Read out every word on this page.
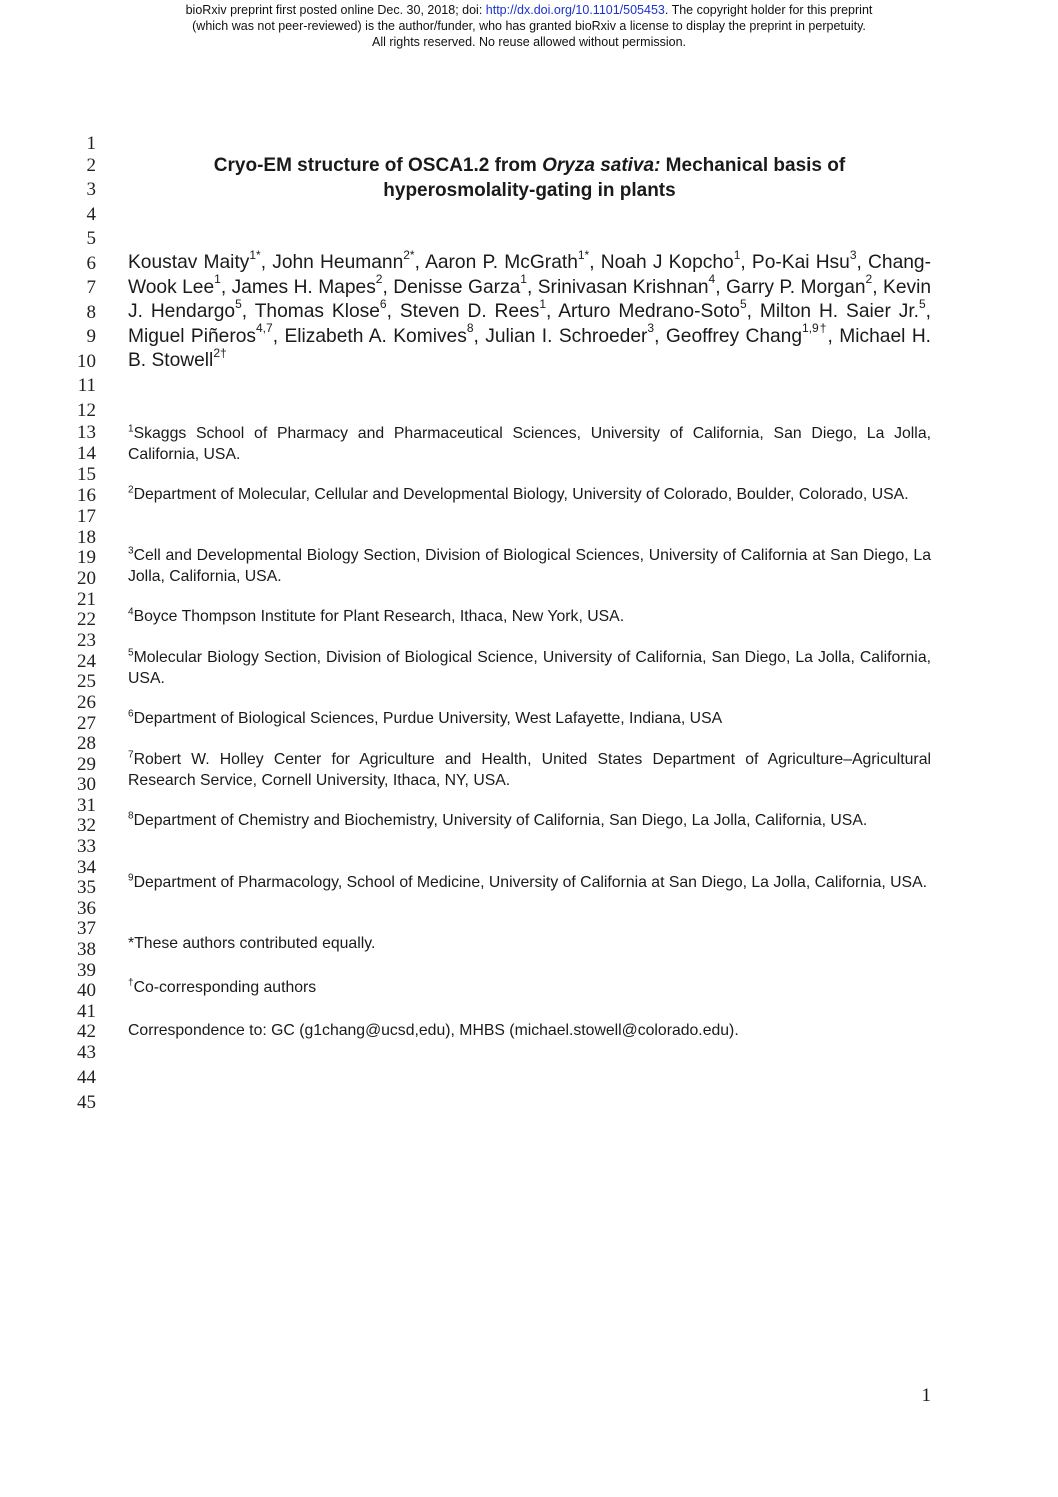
bioRxiv preprint first posted online Dec. 30, 2018; doi: http://dx.doi.org/10.1101/505453. The copyright holder for this preprint
(which was not peer-reviewed) is the author/funder, who has granted bioRxiv a license to display the preprint in perpetuity.
All rights reserved. No reuse allowed without permission.
1
2
3
4
5
6
7
8
9
10
11
12
13
14
15
16
17
18
19
20
21
22
23
24
25
26
27
28
29
30
31
32
33
34
35
36
37
38
39
40
41
42
43
44
45
Cryo-EM structure of OSCA1.2 from Oryza sativa: Mechanical basis of
hyperosmolality-gating in plants
Koustav Maity$^{1*}$, John Heumann$^{2*}$, Aaron P. McGrath$^{1*}$, Noah J Kopcho$^1$, Po-Kai Hsu$^3$, Chang-Wook Lee$^1$, James H. Mapes$^2$, Denisse Garza$^1$, Srinivasan Krishnan$^4$, Garry P. Morgan$^2$, Kevin J. Hendargo$^5$, Thomas Klose$^6$, Steven D. Rees$^1$, Arturo Medrano-Soto$^5$, Milton H. Saier Jr.$^5$, Miguel Piñeros$^{4,7}$, Elizabeth A. Komives$^8$, Julian I. Schroeder$^3$, Geoffrey Chang$^{1,9\dagger}$, Michael H. B. Stowell$^{2\dagger}$
$^1$Skaggs School of Pharmacy and Pharmaceutical Sciences, University of California, San Diego, La Jolla, California, USA.
$^2$Department of Molecular, Cellular and Developmental Biology, University of Colorado, Boulder, Colorado, USA.
$^3$Cell and Developmental Biology Section, Division of Biological Sciences, University of California at San Diego, La Jolla, California, USA.
$^4$Boyce Thompson Institute for Plant Research, Ithaca, New York, USA.
$^5$Molecular Biology Section, Division of Biological Science, University of California, San Diego, La Jolla, California, USA.
$^6$Department of Biological Sciences, Purdue University, West Lafayette, Indiana, USA
$^7$Robert W. Holley Center for Agriculture and Health, United States Department of Agriculture–Agricultural Research Service, Cornell University, Ithaca, NY, USA.
$^8$Department of Chemistry and Biochemistry, University of California, San Diego, La Jolla, California, USA.
$^9$Department of Pharmacology, School of Medicine, University of California at San Diego, La Jolla, California, USA.
*These authors contributed equally.
†Co-corresponding authors
Correspondence to: GC (g1chang@ucsd,edu), MHBS (michael.stowell@colorado.edu).
1
